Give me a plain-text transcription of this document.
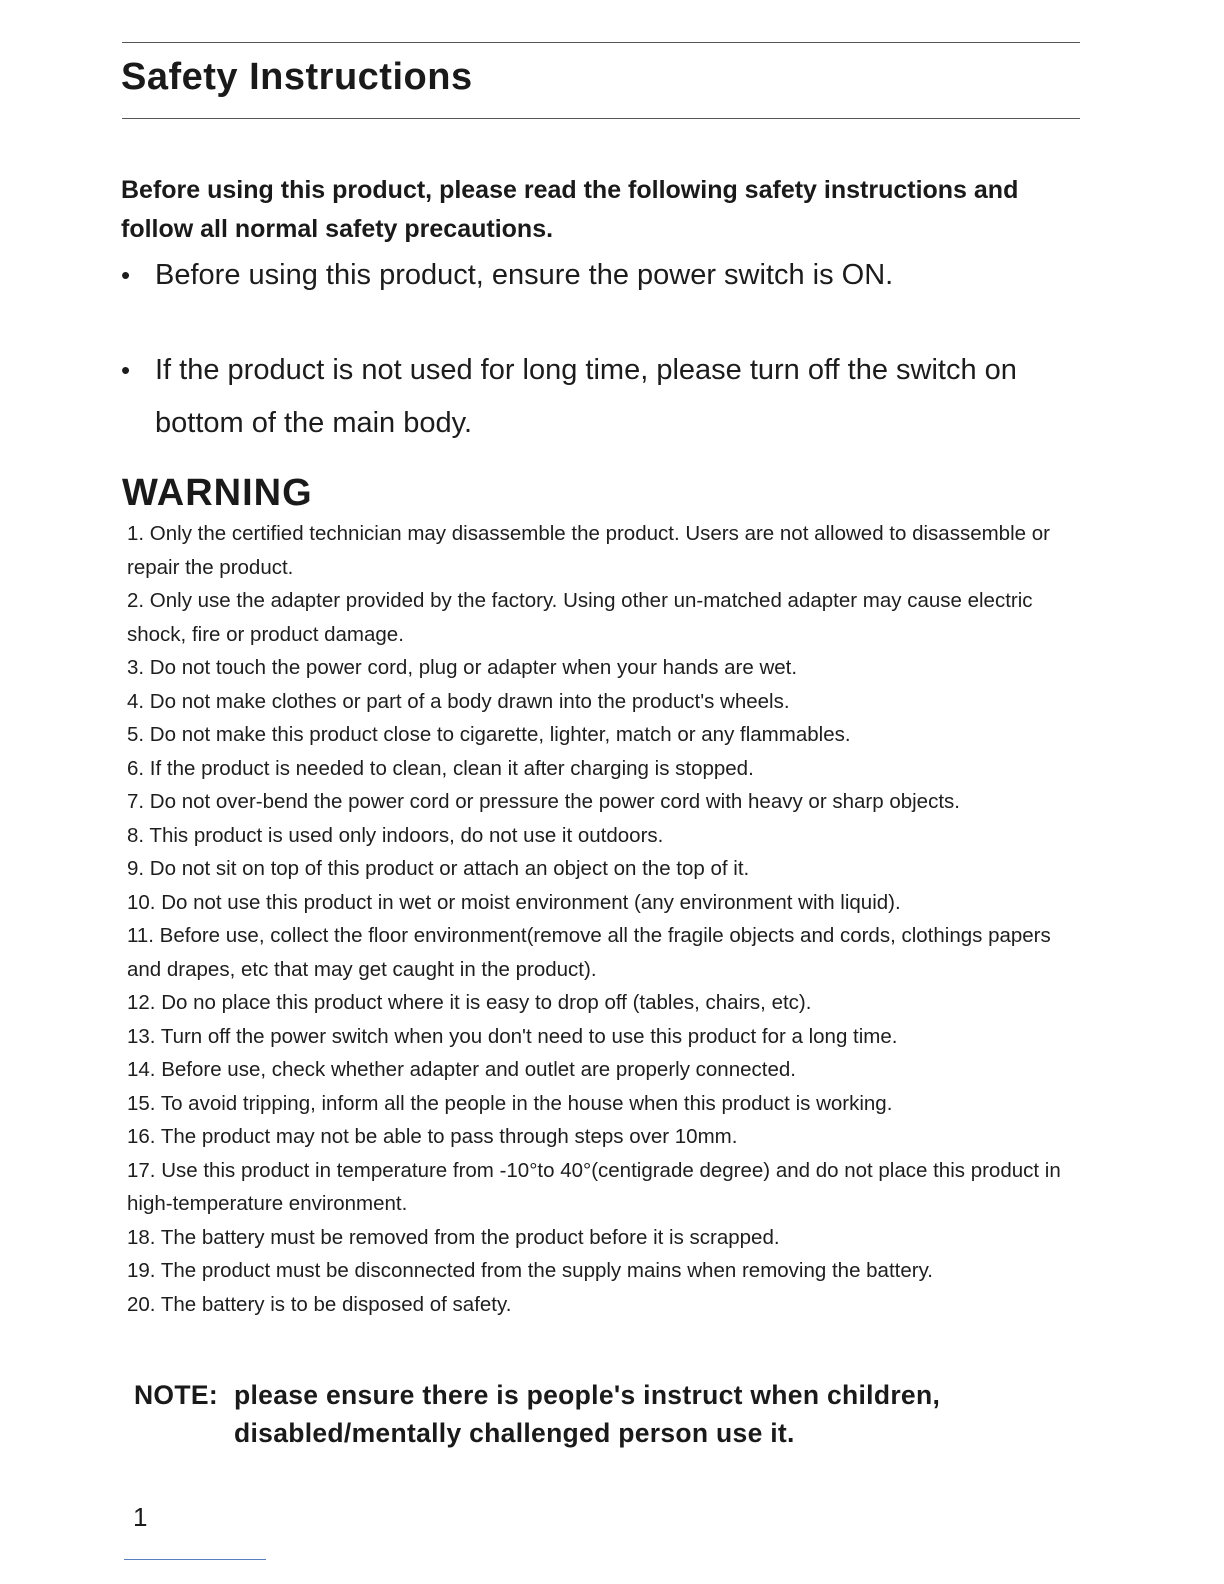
Safety Instructions

Before using this product, please read the following safety instructions and follow all normal safety precautions.

• Before using this product, ensure the power switch is ON.
• If the product is not used for long time, please turn off the switch on bottom of the main body.
WARNING
1. Only the certified technician may disassemble the product. Users are not allowed to disassemble or repair the product.
2. Only use the adapter provided by the factory. Using other un-matched adapter may cause electric shock, fire or product damage.
3. Do not touch the power cord, plug or adapter when your hands are wet.
4. Do not make clothes or part of a body drawn into the product's wheels.
5. Do not make this product close to cigarette, lighter, match or any flammables.
6. If the product is needed to clean, clean it after charging is stopped.
7. Do not over-bend the power cord or pressure the power cord with heavy or sharp objects.
8. This product is used only indoors, do not use it outdoors.
9. Do not sit on top of this product or attach an object on the top of it.
10. Do not use this product in wet or moist environment (any environment with liquid).
11. Before use, collect the floor environment(remove all the fragile objects and cords, clothings papers and drapes, etc that may get caught in the product).
12. Do no place this product where it is easy to drop off (tables, chairs, etc).
13. Turn off the power switch when you don't need to use this product for a long time.
14. Before use, check whether adapter and outlet are properly connected.
15. To avoid tripping, inform all the people in the house when this product is working.
16. The product may not be able to pass through steps over 10mm.
17. Use this product in temperature from -10°to 40°(centigrade degree) and do not place this product in high-temperature environment.
18. The battery must be removed from the product before it is scrapped.
19. The product must be disconnected from the supply mains when removing the battery.
20. The battery is to be disposed of safety.
NOTE: please ensure there is people's instruct when children, disabled/mentally challenged person use it.
1
